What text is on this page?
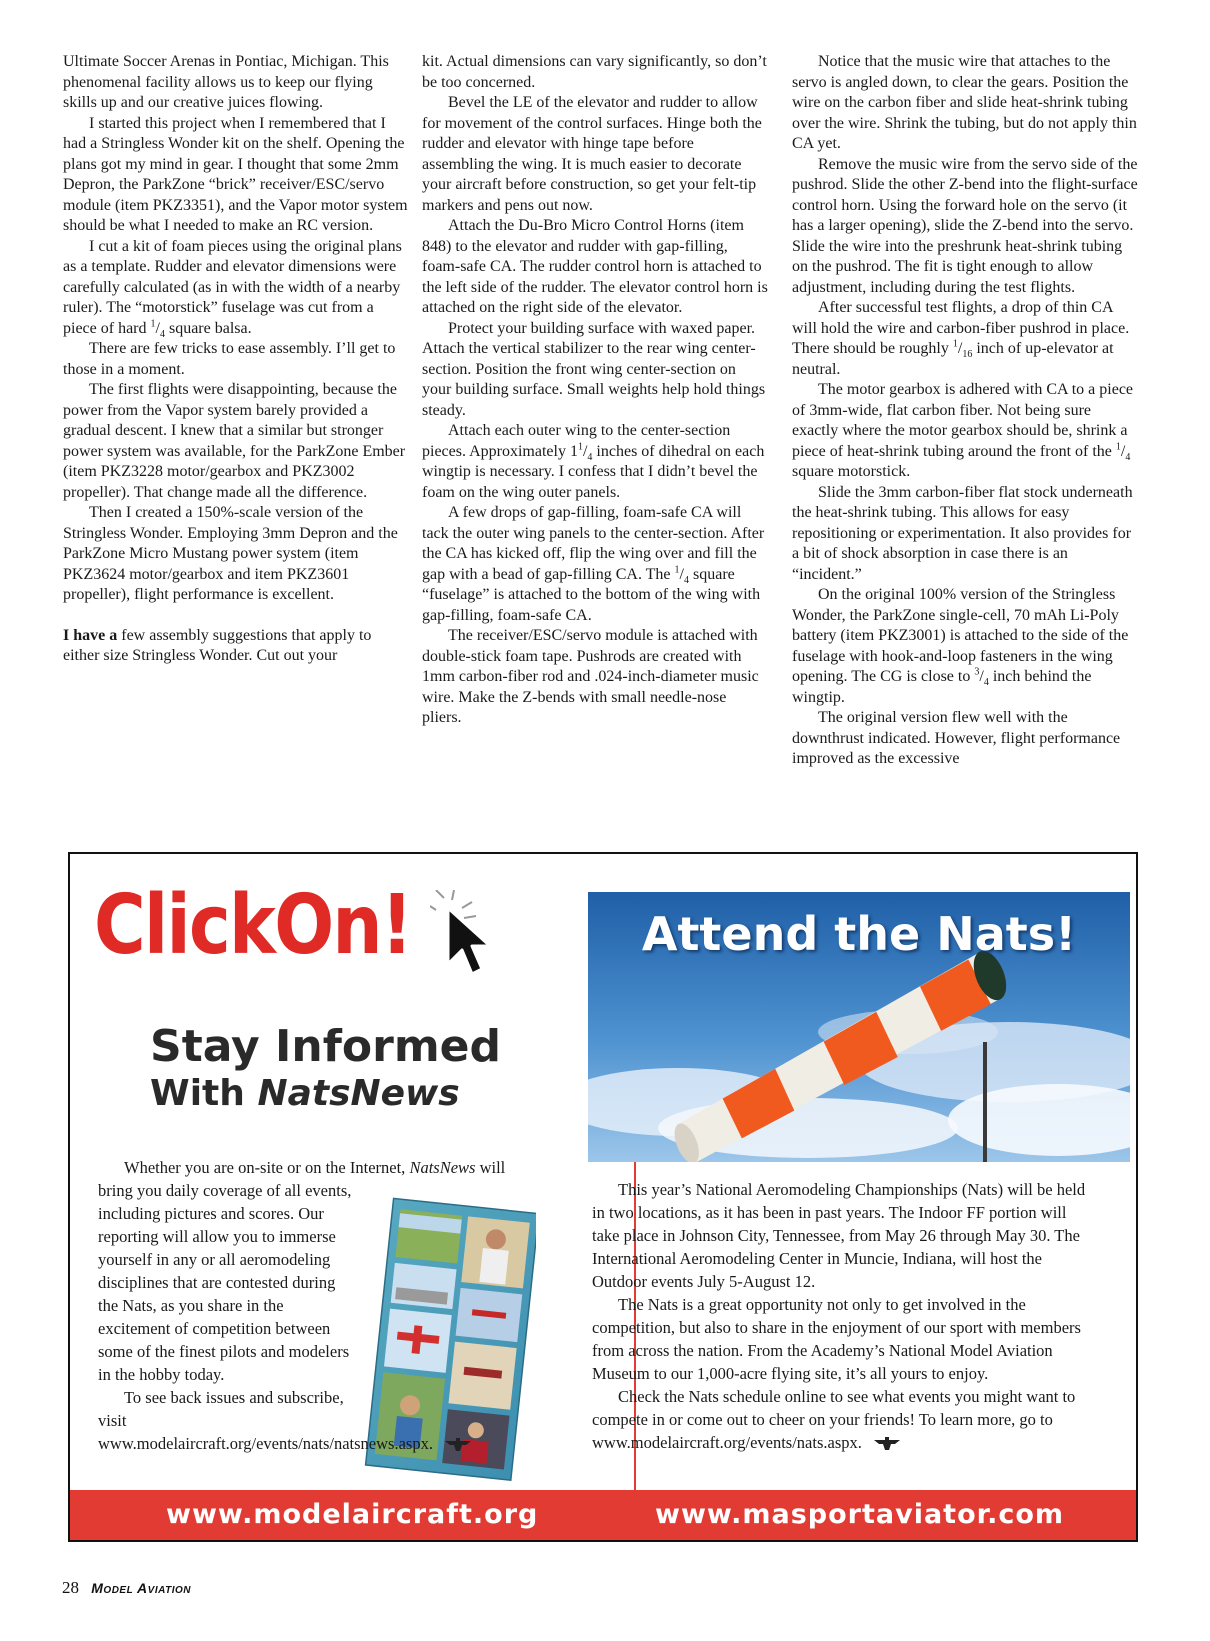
Ultimate Soccer Arenas in Pontiac, Michigan. This phenomenal facility allows us to keep our flying skills up and our creative juices flowing.

I started this project when I remembered that I had a Stringless Wonder kit on the shelf. Opening the plans got my mind in gear. I thought that some 2mm Depron, the ParkZone “brick” receiver/ESC/servo module (item PKZ3351), and the Vapor motor system should be what I needed to make an RC version.

I cut a kit of foam pieces using the original plans as a template. Rudder and elevator dimensions were carefully calculated (as in with the width of a nearby ruler). The “motorstick” fuselage was cut from a piece of hard $^1/_4$ square balsa.

There are few tricks to ease assembly. I’ll get to those in a moment.

The first flights were disappointing, because the power from the Vapor system barely provided a gradual descent. I knew that a similar but stronger power system was available, for the ParkZone Ember (item PKZ3228 motor/gearbox and PKZ3002 propeller). That change made all the difference.

Then I created a 150%-scale version of the Stringless Wonder. Employing 3mm Depron and the ParkZone Micro Mustang power system (item PKZ3624 motor/gearbox and item PKZ3601 propeller), flight performance is excellent.

I have a few assembly suggestions that apply to either size Stringless Wonder. Cut out your

kit. Actual dimensions can vary significantly, so don’t be too concerned.

Bevel the LE of the elevator and rudder to allow for movement of the control surfaces. Hinge both the rudder and elevator with hinge tape before assembling the wing. It is much easier to decorate your aircraft before construction, so get your felt-tip markers and pens out now.

Attach the Du-Bro Micro Control Horns (item 848) to the elevator and rudder with gap-filling, foam-safe CA. The rudder control horn is attached to the left side of the rudder. The elevator control horn is attached on the right side of the elevator.

Protect your building surface with waxed paper. Attach the vertical stabilizer to the rear wing center-section. Position the front wing center-section on your building surface. Small weights help hold things steady.

Attach each outer wing to the center-section pieces. Approximately $1^1/_4$ inches of dihedral on each wingtip is necessary. I confess that I didn’t bevel the foam on the wing outer panels.

A few drops of gap-filling, foam-safe CA will tack the outer wing panels to the center-section. After the CA has kicked off, flip the wing over and fill the gap with a bead of gap-filling CA. The $^1/_4$ square “fuselage” is attached to the bottom of the wing with gap-filling, foam-safe CA.

The receiver/ESC/servo module is attached with double-stick foam tape. Pushrods are created with 1mm carbon-fiber rod and .024-inch-diameter music wire. Make the Z-bends with small needle-nose pliers.

Notice that the music wire that attaches to the servo is angled down, to clear the gears. Position the wire on the carbon fiber and slide heat-shrink tubing over the wire. Shrink the tubing, but do not apply thin CA yet.

Remove the music wire from the servo side of the pushrod. Slide the other Z-bend into the flight-surface control horn. Using the forward hole on the servo (it has a larger opening), slide the Z-bend into the servo. Slide the wire into the preshrunk heat-shrink tubing on the pushrod. The fit is tight enough to allow adjustment, including during the test flights.

After successful test flights, a drop of thin CA will hold the wire and carbon-fiber pushrod in place. There should be roughly $^1/_{16}$ inch of up-elevator at neutral.

The motor gearbox is adhered with CA to a piece of 3mm-wide, flat carbon fiber. Not being sure exactly where the motor gearbox should be, shrink a piece of heat-shrink tubing around the front of the $^1/_4$ square motorstick.

Slide the 3mm carbon-fiber flat stock underneath the heat-shrink tubing. This allows for easy repositioning or experimentation. It also provides for a bit of shock absorption in case there is an “incident.”

On the original 100% version of the Stringless Wonder, the ParkZone single-cell, 70 mAh Li-Poly battery (item PKZ3001) is attached to the side of the fuselage with hook-and-loop fasteners in the wing opening. The CG is close to $^3/_4$ inch behind the wingtip.

The original version flew well with the downthrust indicated. However, flight performance improved as the excessive

ClickOn!
Stay Informed
With NatsNews

Whether you are on-site or on the Internet, NatsNews will bring you daily coverage of all events, including pictures and scores. Our reporting will allow you to immerse yourself in any or all aeromodeling disciplines that are contested during the Nats, as you share in the excitement of competition between some of the finest pilots and modelers in the hobby today.

To see back issues and subscribe, visit

www.modelaircraft.org/events/nats/natsnews.aspx.

Attend the Nats!

This year’s National Aeromodeling Championships (Nats) will be held in two locations, as it has been in past years. The Indoor FF portion will take place in Johnson City, Tennessee, from May 26 through May 30. The International Aeromodeling Center in Muncie, Indiana, will host the Outdoor events July 5-August 12.

The Nats is a great opportunity not only to get involved in the competition, but also to share in the enjoyment of our sport with members from across the nation. From the Academy’s National Model Aviation Museum to our 1,000-acre flying site, it’s all yours to enjoy.

Check the Nats schedule online to see what events you might want to compete in or come out to cheer on your friends! To learn more, go to www.modelaircraft.org/events/nats.aspx.

www.modelaircraft.org	www.masportaviator.com
28 Model Aviation
